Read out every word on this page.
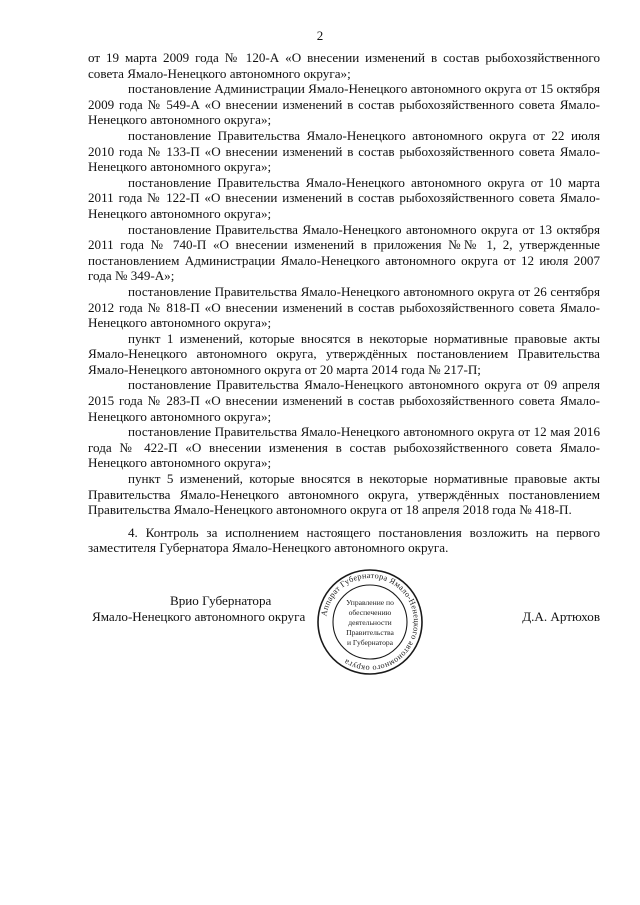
2

от 19 марта 2009 года № 120-А «О внесении изменений в состав рыбохозяйственного совета Ямало-Ненецкого автономного округа»;

постановление Администрации Ямало-Ненецкого автономного округа от 15 октября 2009 года № 549-А «О внесении изменений в состав рыбохозяйственного совета Ямало-Ненецкого автономного округа»;

постановление Правительства Ямало-Ненецкого автономного округа от 22 июля 2010 года № 133-П «О внесении изменений в состав рыбохозяйственного совета Ямало-Ненецкого автономного округа»;

постановление Правительства Ямало-Ненецкого автономного округа от 10 марта 2011 года № 122-П «О внесении изменений в состав рыбохозяйственного совета Ямало-Ненецкого автономного округа»;

постановление Правительства Ямало-Ненецкого автономного округа от 13 октября 2011 года № 740-П «О внесении изменений в приложения №№ 1, 2, утвержденные постановлением Администрации Ямало-Ненецкого автономного округа от 12 июля 2007 года № 349-А»;

постановление Правительства Ямало-Ненецкого автономного округа от 26 сентября 2012 года № 818-П «О внесении изменений в состав рыбохозяйственного совета Ямало-Ненецкого автономного округа»;

пункт 1 изменений, которые вносятся в некоторые нормативные правовые акты Ямало-Ненецкого автономного округа, утверждённых постановлением Правительства Ямало-Ненецкого автономного округа от 20 марта 2014 года № 217-П;

постановление Правительства Ямало-Ненецкого автономного округа от 09 апреля 2015 года № 283-П «О внесении изменений в состав рыбохозяйственного совета Ямало-Ненецкого автономного округа»;

постановление Правительства Ямало-Ненецкого автономного округа от 12 мая 2016 года № 422-П «О внесении изменения в состав рыбохозяйственного совета Ямало-Ненецкого автономного округа»;

пункт 5 изменений, которые вносятся в некоторые нормативные правовые акты Правительства Ямало-Ненецкого автономного округа, утверждённых постановлением Правительства Ямало-Ненецкого автономного округа от 18 апреля 2018 года № 418-П.

4. Контроль за исполнением настоящего постановления возложить на первого заместителя Губернатора Ямало-Ненецкого автономного округа.

Врио Губернатора
Ямало-Ненецкого автономного округа	Д.А. Артюхов
Аппарат Губернатора Ямало-Ненецкого автономного округа
Управление по
обеспечению
деятельности
Правительства
и Губернатора
